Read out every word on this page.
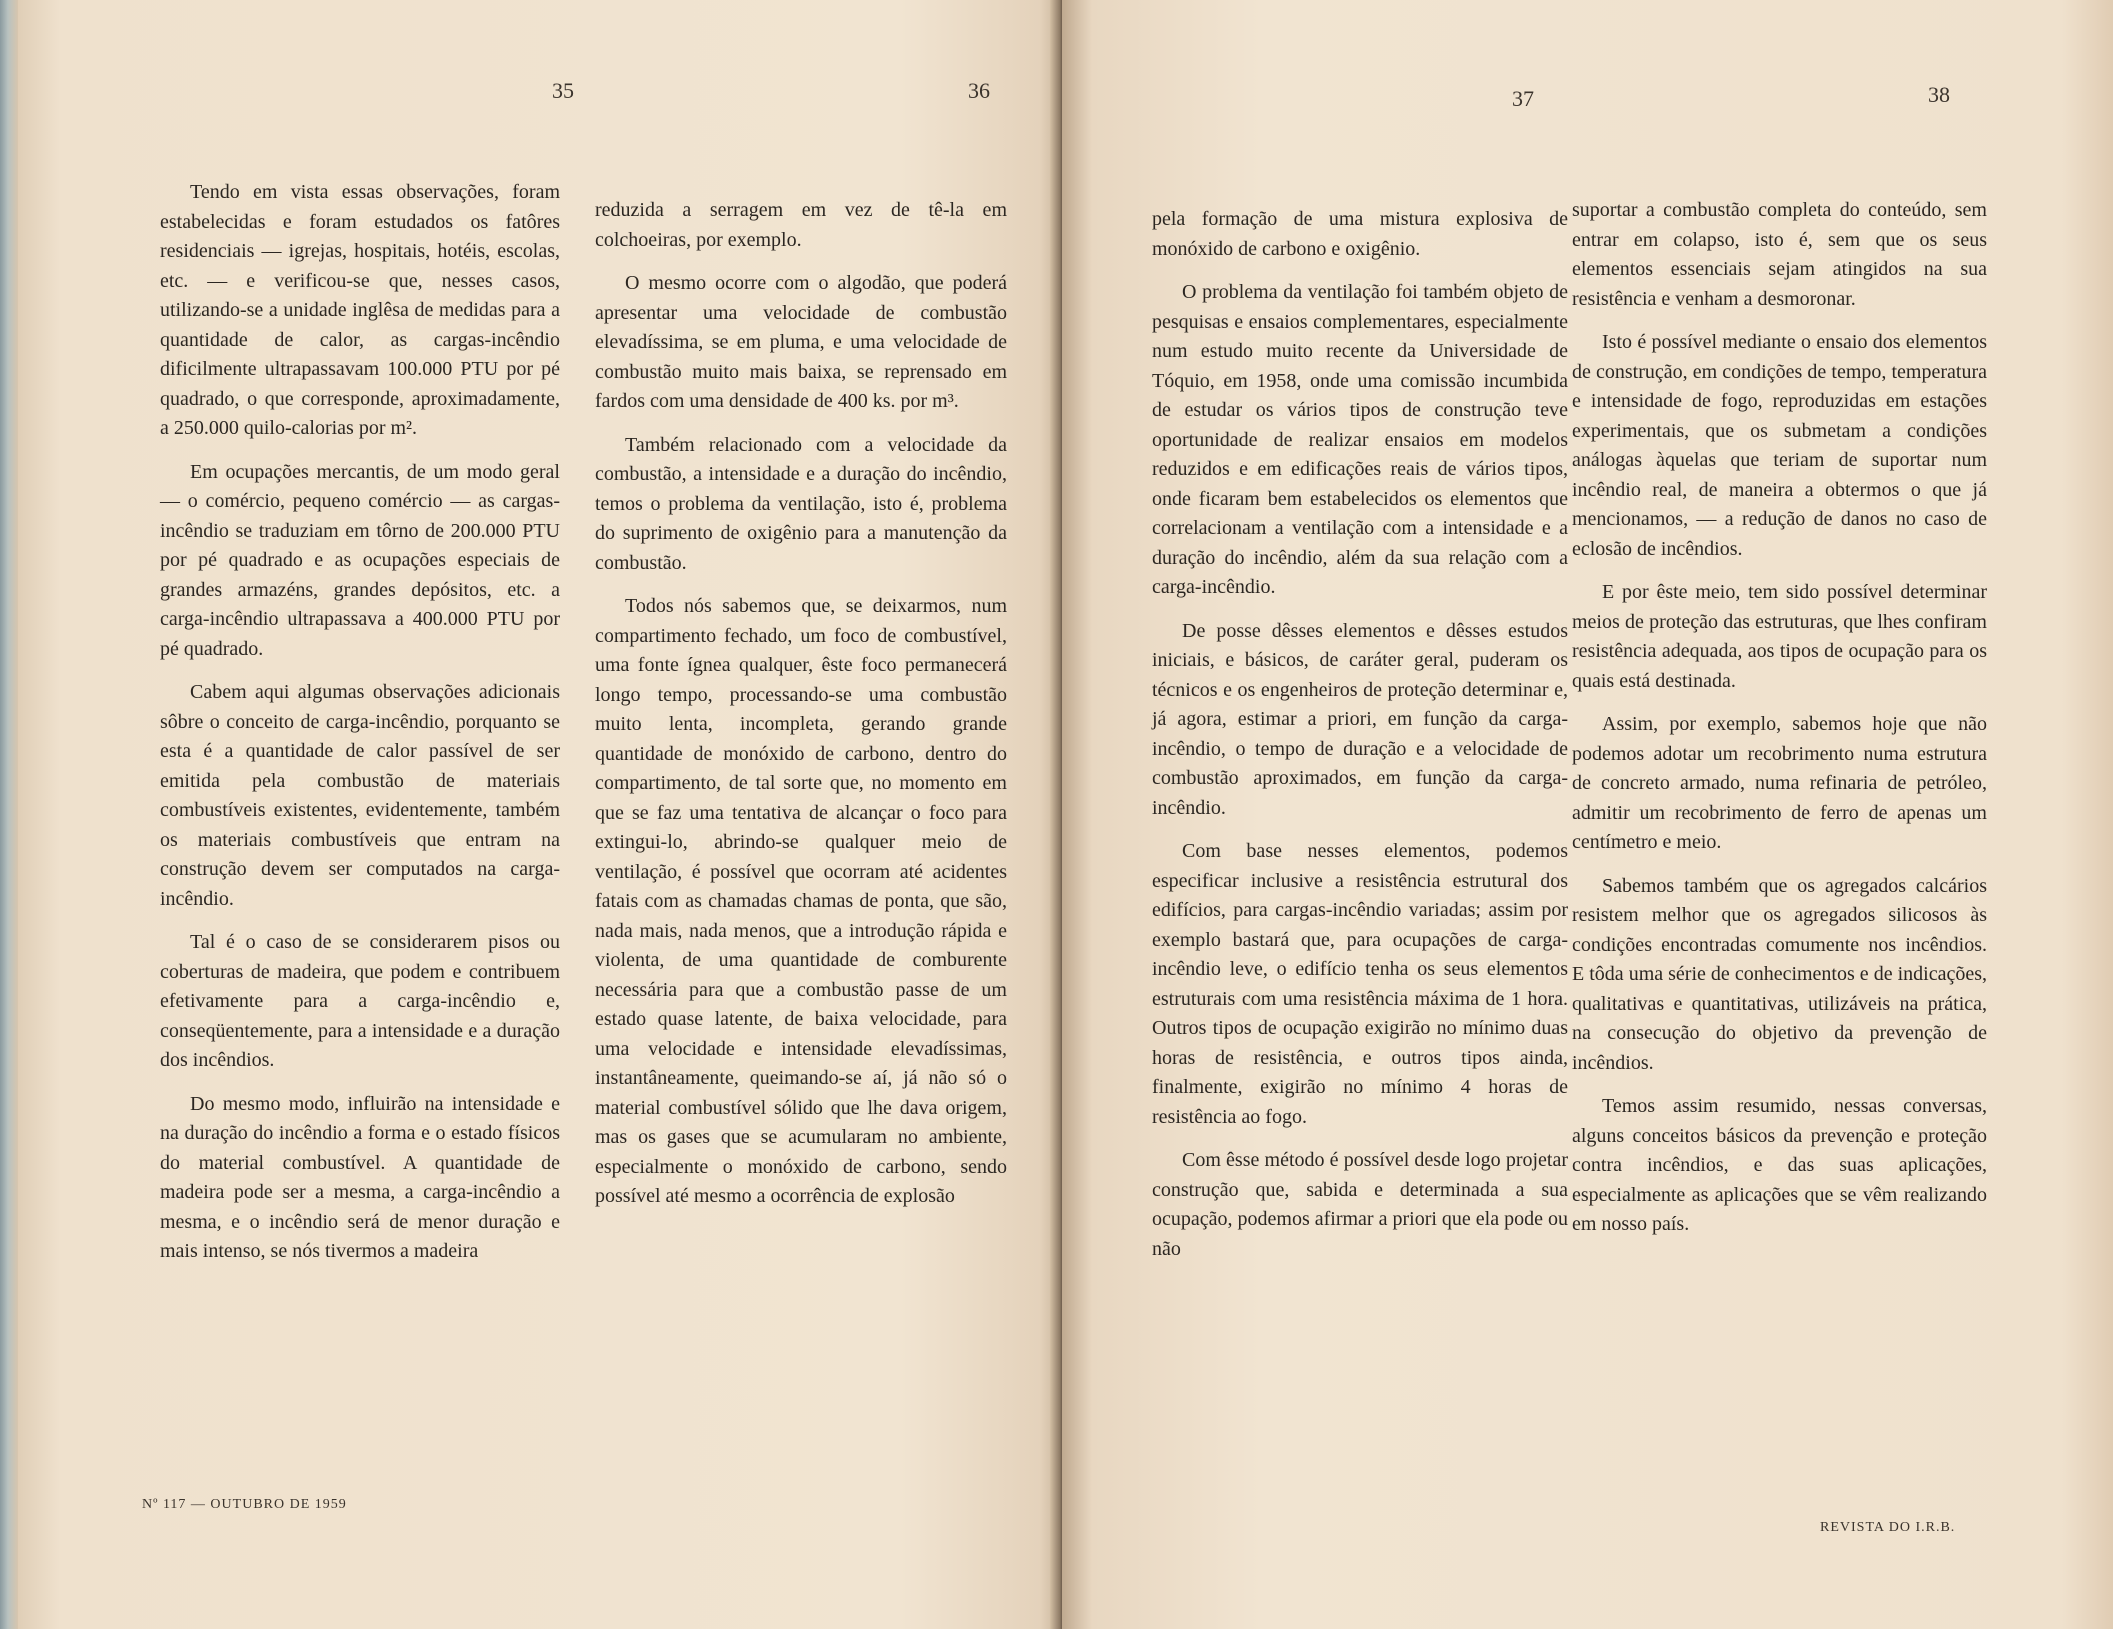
35	36

Tendo em vista essas observações, foram estabelecidas e foram estudados os fatôres residenciais — igrejas, hospitais, hotéis, escolas, etc. — e verificou-se que, nesses casos, utilizando-se a unidade inglêsa de medidas para a quantidade de calor, as cargas-incêndio dificilmente ultrapassavam 100.000 PTU por pé quadrado, o que corresponde, aproximadamente, a 250.000 quilo-calorias por m².

Em ocupações mercantis, de um modo geral — o comércio, pequeno comércio — as cargas-incêndio se traduziam em tôrno de 200.000 PTU por pé quadrado e as ocupações especiais de grandes armazéns, grandes depósitos, etc. a carga-incêndio ultrapassava a 400.000 PTU por pé quadrado.

Cabem aqui algumas observações adicionais sôbre o conceito de carga-incêndio, porquanto se esta é a quantidade de calor passível de ser emitida pela combustão de materiais combustíveis existentes, evidentemente, também os materiais combustíveis que entram na construção devem ser computados na carga-incêndio.

Tal é o caso de se considerarem pisos ou coberturas de madeira, que podem e contribuem efetivamente para a carga-incêndio e, conseqüentemente, para a intensidade e a duração dos incêndios.

Do mesmo modo, influirão na intensidade e na duração do incêndio a forma e o estado físicos do material combustível. A quantidade de madeira pode ser a mesma, a carga-incêndio a mesma, e o incêndio será de menor duração e mais intenso, se nós tivermos a madeira

reduzida a serragem em vez de tê-la em colchoeiras, por exemplo.

O mesmo ocorre com o algodão, que poderá apresentar uma velocidade de combustão elevadíssima, se em pluma, e uma velocidade de combustão muito mais baixa, se reprensado em fardos com uma densidade de 400 ks. por m³.

Também relacionado com a velocidade da combustão, a intensidade e a duração do incêndio, temos o problema da ventilação, isto é, problema do suprimento de oxigênio para a manutenção da combustão.

Todos nós sabemos que, se deixarmos, num compartimento fechado, um foco de combustível, uma fonte ígnea qualquer, êste foco permanecerá longo tempo, processando-se uma combustão muito lenta, incompleta, gerando grande quantidade de monóxido de carbono, dentro do compartimento, de tal sorte que, no momento em que se faz uma tentativa de alcançar o foco para extingui-lo, abrindo-se qualquer meio de ventilação, é possível que ocorram até acidentes fatais com as chamadas chamas de ponta, que são, nada mais, nada menos, que a introdução rápida e violenta, de uma quantidade de comburente necessária para que a combustão passe de um estado quase latente, de baixa velocidade, para uma velocidade e intensidade elevadíssimas, instantâneamente, queimando-se aí, já não só o material combustível sólido que lhe dava origem, mas os gases que se acumularam no ambiente, especialmente o monóxido de carbono, sendo possível até mesmo a ocorrência de explosão

Nº 117 — OUTUBRO DE 1959
37	38

pela formação de uma mistura explosiva de monóxido de carbono e oxigênio.

O problema da ventilação foi também objeto de pesquisas e ensaios complementares, especialmente num estudo muito recente da Universidade de Tóquio, em 1958, onde uma comissão incumbida de estudar os vários tipos de construção teve oportunidade de realizar ensaios em modelos reduzidos e em edificações reais de vários tipos, onde ficaram bem estabelecidos os elementos que correlacionam a ventilação com a intensidade e a duração do incêndio, além da sua relação com a carga-incêndio.

De posse dêsses elementos e dêsses estudos iniciais, e básicos, de caráter geral, puderam os técnicos e os engenheiros de proteção determinar e, já agora, estimar a priori, em função da carga-incêndio, o tempo de duração e a velocidade de combustão aproximados, em função da carga-incêndio.

Com base nesses elementos, podemos especificar inclusive a resistência estrutural dos edifícios, para cargas-incêndio variadas; assim por exemplo bastará que, para ocupações de carga-incêndio leve, o edifício tenha os seus elementos estruturais com uma resistência máxima de 1 hora. Outros tipos de ocupação exigirão no mínimo duas horas de resistência, e outros tipos ainda, finalmente, exigirão no mínimo 4 horas de resistência ao fogo.

Com êsse método é possível desde logo projetar construção que, sabida e determinada a sua ocupação, podemos afirmar a priori que ela pode ou não

suportar a combustão completa do conteúdo, sem entrar em colapso, isto é, sem que os seus elementos essenciais sejam atingidos na sua resistência e venham a desmoronar.

Isto é possível mediante o ensaio dos elementos de construção, em condições de tempo, temperatura e intensidade de fogo, reproduzidas em estações experimentais, que os submetam a condições análogas àquelas que teriam de suportar num incêndio real, de maneira a obtermos o que já mencionamos, — a redução de danos no caso de eclosão de incêndios.

E por êste meio, tem sido possível determinar meios de proteção das estruturas, que lhes confiram resistência adequada, aos tipos de ocupação para os quais está destinada.

Assim, por exemplo, sabemos hoje que não podemos adotar um recobrimento numa estrutura de concreto armado, numa refinaria de petróleo, admitir um recobrimento de ferro de apenas um centímetro e meio.

Sabemos também que os agregados calcários resistem melhor que os agregados silicosos às condições encontradas comumente nos incêndios. E tôda uma série de conhecimentos e de indicações, qualitativas e quantitativas, utilizáveis na prática, na consecução do objetivo da prevenção de incêndios.

Temos assim resumido, nessas conversas, alguns conceitos básicos da prevenção e proteção contra incêndios, e das suas aplicações, especialmente as aplicações que se vêm realizando em nosso país.

REVISTA DO I.R.B.
